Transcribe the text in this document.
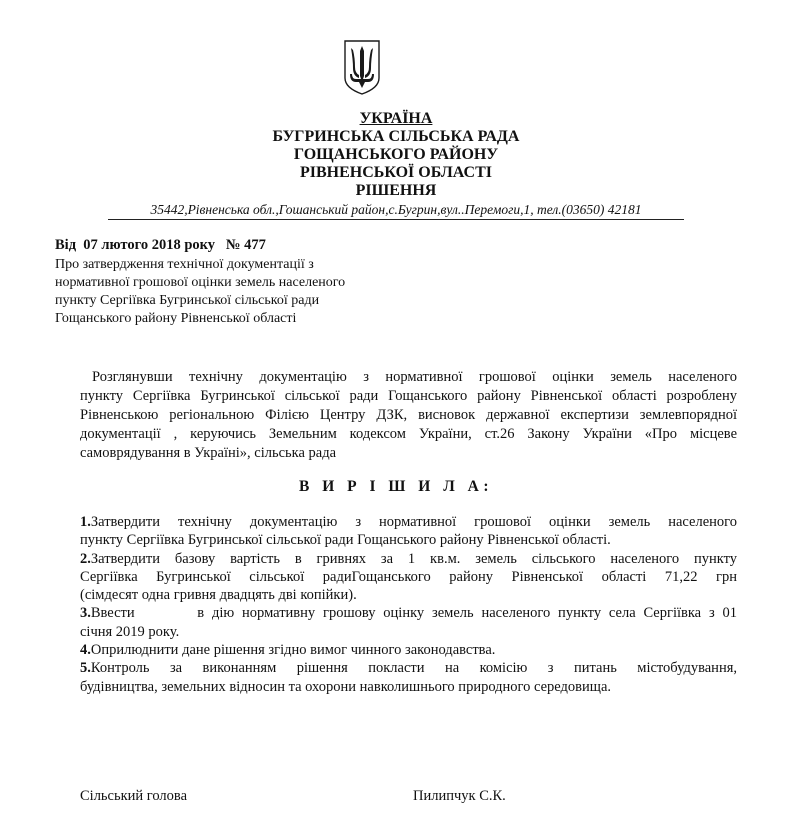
УКРАЇНА
БУГРИНСЬКА СІЛЬСЬКА РАДА
ГОЩАНСЬКОГО РАЙОНУ
РІВНЕНСЬКОЇ ОБЛАСТІ
РІШЕННЯ
35442,Рівненська обл.,Гошанський район,с.Бугрин,вул..Перемоги,1, тел.(03650) 42181
Від  07 лютого 2018 року   № 477
Про затвердження технічної документації з
нормативної грошової оцінки земель населеного
пункту Сергіївка Бугринської сільської ради
Гощанського району Рівненської області
Розглянувши технічну документацію з нормативної грошової оцінки земель населеного
пункту Сергіївка Бугринської сільської ради Гощанського району Рівненської області розроблену
Рівненською регіональною Філією Центру ДЗК, висновок державної експертизи землевпорядної
документації , керуючись Земельним кодексом України, ст.26 Закону України «Про місцеве
самоврядування в Україні», сільська рада
В И Р І Ш И Л А:
1.Затвердити технічну документацію з нормативної грошової оцінки земель населеного
пункту Сергіївка Бугринської сільської ради Гощанського району Рівненської області.
2.Затвердити базову вартість в гривнях за 1 кв.м. земель сільського населеного пункту
Сергіївка Бугринської сільської радиГощанського району Рівненської області 71,22 грн
(сімдесят одна гривня двадцять дві копійки).
3.Ввести        в дію нормативну грошову оцінку земель населеного пункту села Сергіївка з 01
січня 2019 року.
4.Оприлюднити дане рішення згідно вимог чинного законодавства.
5.Контроль за виконанням рішення покласти на комісію з питань містобудування,
будівництва, земельних відносин та охорони навколишнього природного середовища.
Сільський голова	Пилипчук С.К.
